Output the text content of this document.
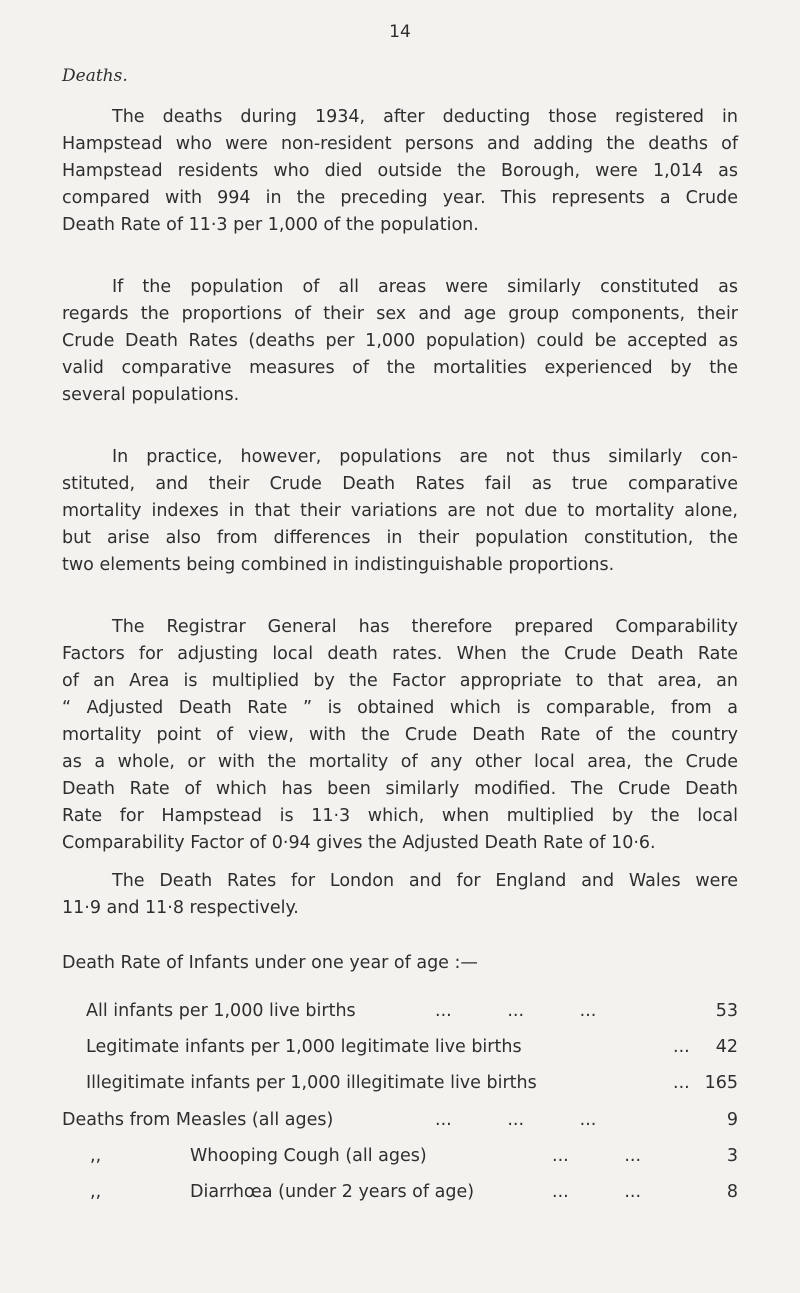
14
Deaths.
The deaths during 1934, after deducting those registered in
Hampstead who were non-resident persons and adding the deaths of
Hampstead residents who died outside the Borough, were 1,014 as
compared with 994 in the preceding year. This represents a Crude
Death Rate of 11·3 per 1,000 of the population.
If the population of all areas were similarly constituted as
regards the proportions of their sex and age group components, their
Crude Death Rates (deaths per 1,000 population) could be accepted as
valid comparative measures of the mortalities experienced by the
several populations.
In practice, however, populations are not thus similarly con-
stituted, and their Crude Death Rates fail as true comparative
mortality indexes in that their variations are not due to mortality alone,
but arise also from differences in their population constitution, the
two elements being combined in indistinguishable proportions.
The Registrar General has therefore prepared Comparability
Factors for adjusting local death rates. When the Crude Death Rate
of an Area is multiplied by the Factor appropriate to that area, an
“ Adjusted Death Rate ” is obtained which is comparable, from a
mortality point of view, with the Crude Death Rate of the country
as a whole, or with the mortality of any other local area, the Crude
Death Rate of which has been similarly modified. The Crude Death
Rate for Hampstead is 11·3 which, when multiplied by the local
Comparability Factor of 0·94 gives the Adjusted Death Rate of 10·6.
The Death Rates for London and for England and Wales were
11·9 and 11·8 respectively.
Death Rate of Infants under one year of age :—
All infants per 1,000 live births	...          ...          ...	53
Legitimate infants per 1,000 legitimate live births	... 42
Illegitimate infants per 1,000 illegitimate live births	... 165
Deaths from Measles (all ages)	...          ...          ...	9
,,	Whooping Cough (all ages)	...          ...	3
,,	Diarrhœa (under 2 years of age)	...          ...	8
